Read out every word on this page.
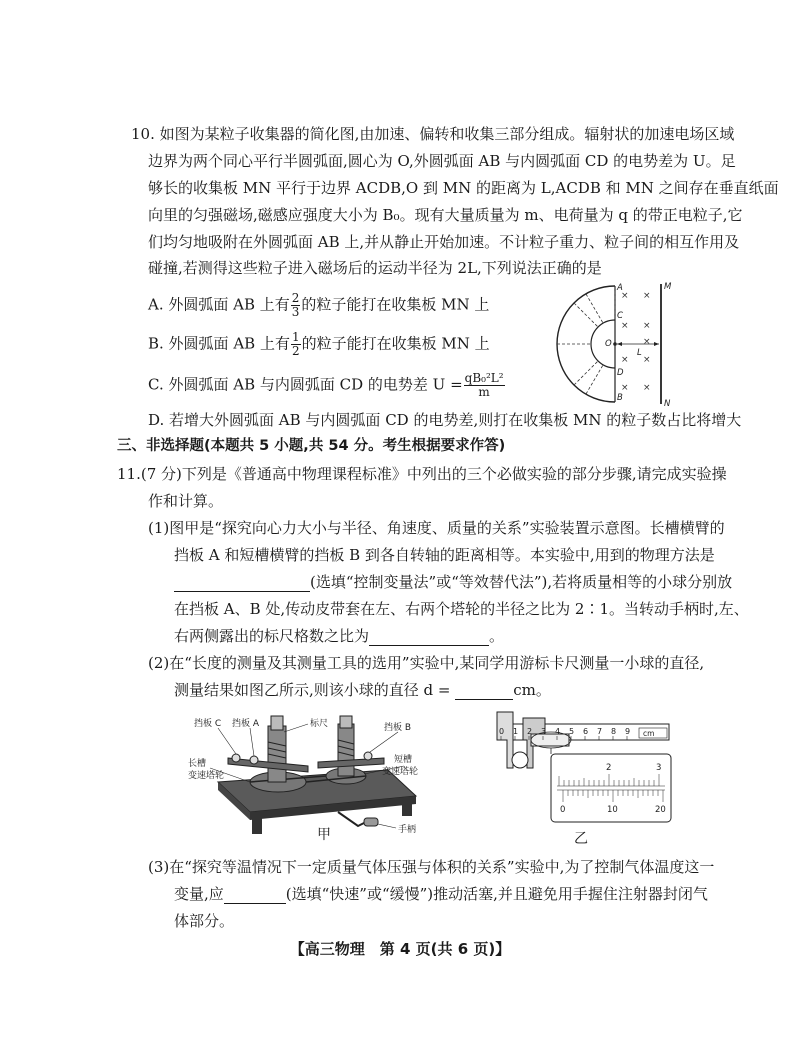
10. 如图为某粒子收集器的简化图,由加速、偏转和收集三部分组成。辐射状的加速电场区域
边界为两个同心平行半圆弧面,圆心为 O,外圆弧面 AB 与内圆弧面 CD 的电势差为 U。足
够长的收集板 MN 平行于边界 ACDB,O 到 MN 的距离为 L,ACDB 和 MN 之间存在垂直纸面
向里的匀强磁场,磁感应强度大小为 B₀。现有大量质量为 m、电荷量为 q 的带正电粒子,它
们均匀地吸附在外圆弧面 AB 上,并从静止开始加速。不计粒子重力、粒子间的相互作用及
碰撞,若测得这些粒子进入磁场后的运动半径为 2L,下列说法正确的是
A. 外圆弧面 AB 上有 $\frac{2}{3}$ 的粒子能打在收集板 MN 上
B. 外圆弧面 AB 上有 $\frac{1}{2}$ 的粒子能打在收集板 MN 上
C. 外圆弧面 AB 与内圆弧面 CD 的电势差 $U = \frac{\text{qB₀²L²}}{m}$
D. 若增大外圆弧面 AB 与内圆弧面 CD 的电势差,则打在收集板 MN 的粒子数占比将增大
× ×
× ×
× ×
× ×
×
A
C
O
D
B
L
M
N
三、非选择题(本题共 5 小题,共 54 分。考生根据要求作答)
11.(7 分)下列是《普通高中物理课程标准》中列出的三个必做实验的部分步骤,请完成实验操
作和计算。
(1)图甲是“探究向心力大小与半径、角速度、质量的关系”实验装置示意图。长槽横臂的
挡板 A 和短槽横臂的挡板 B 到各自转轴的距离相等。本实验中,用到的物理方法是
(选填“控制变量法”或“等效替代法”),若将质量相等的小球分别放
在挡板 A、B 处,传动皮带套在左、右两个塔轮的半径之比为 2∶1。当转动手柄时,左、
右两侧露出的标尺格数之比为	。
(2)在“长度的测量及其测量工具的选用”实验中,某同学用游标卡尺测量一小球的直径,
测量结果如图乙所示,则该小球的直径 d =	cm。
挡板 C 挡板 A	标尺	挡板 B
长槽
变速塔轮
短槽
变速塔轮
手柄
甲
0 1 2 3 4 5 6 7 8 9 cm
2	3
0	10	20
乙
(3)在“探究等温情况下一定质量气体压强与体积的关系”实验中,为了控制气体温度这一
变量,应	(选填“快速”或“缓慢”)推动活塞,并且避免用手握住注射器封闭气
体部分。
【高三物理　第 4 页(共 6 页)】
